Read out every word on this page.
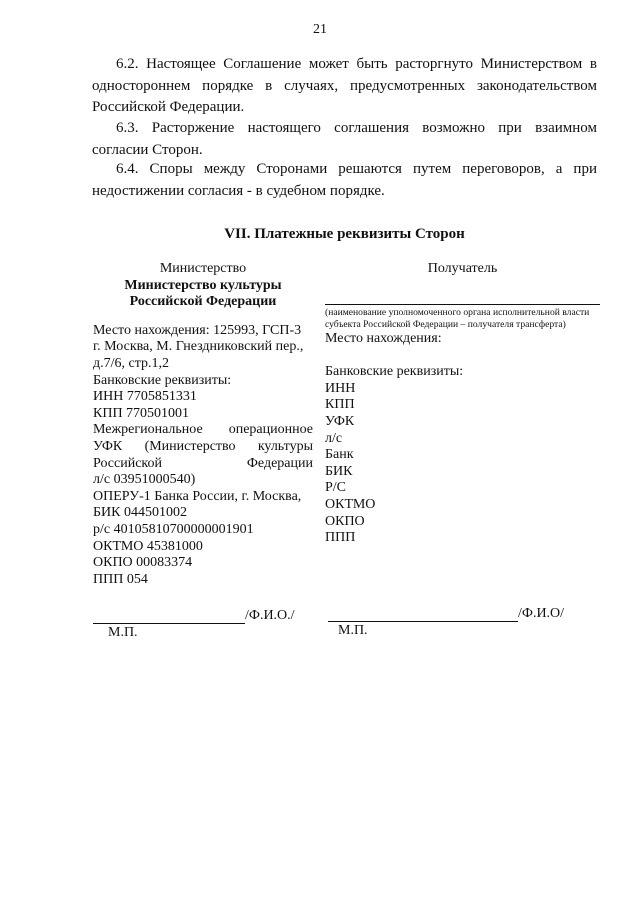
21
6.2. Настоящее Соглашение может быть расторгнуто Министерством в одностороннем порядке в случаях, предусмотренных законодательством Российской Федерации.
6.3. Расторжение настоящего соглашения возможно при взаимном согласии Сторон.
6.4. Споры между Сторонами решаются путем переговоров, а при недостижении согласия - в судебном порядке.
VII. Платежные реквизиты Сторон
Министерство
Министерство культуры
Российской Федерации
Место нахождения: 125993, ГСП-3
г. Москва, М. Гнездниковский пер.,
д.7/6, стр.1,2
Банковские реквизиты:
ИНН 7705851331
КПП 770501001
Межрегиональное операционное
УФК (Министерство культуры
Российской	Федерации
л/с 03951000540)
ОПЕРУ-1 Банка России, г. Москва,
БИК 044501002
р/с 40105810700000001901
ОКТМО 45381000
ОКПО 00083374
ППП 054
Получатель
(наименование уполномоченного органа исполнительной власти субъекта Российской Федерации – получателя трансферта)
Место нахождения:
Банковские реквизиты:
ИНН
КПП
УФК
л/с
Банк
БИК
Р/С
ОКТМО
ОКПО
ППП
/Ф.И.О./
М.П.
/Ф.И.О/
М.П.
